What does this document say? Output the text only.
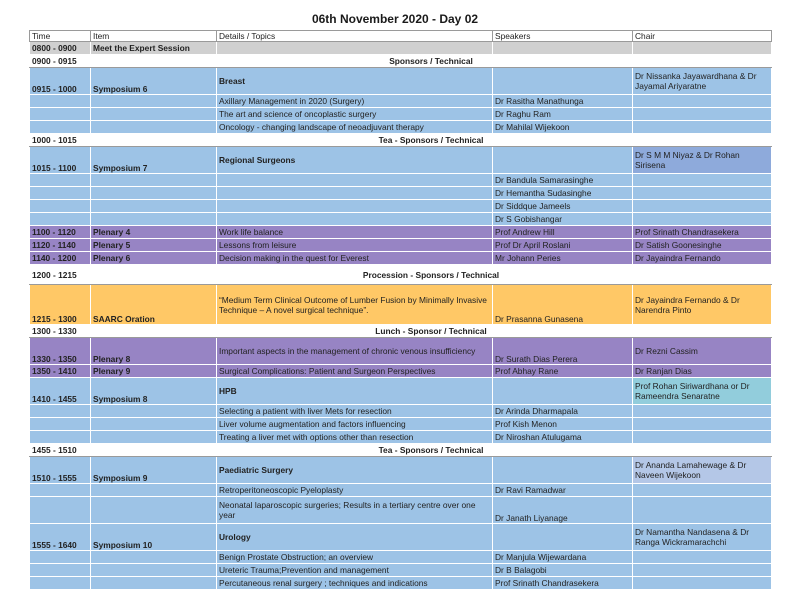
06th November 2020 - Day 02
Time	Item	Details / Topics	Speakers	Chair
0800 - 0900	Meet the Expert Session			
0900 - 0915	Sponsors / Technical			
0915 - 1000	Symposium 6	Breast		Dr Nissanka Jayawardhana & Dr Jayamal Ariyaratne
		Axillary Management in 2020 (Surgery)	Dr Rasitha Manathunga	
		The art and science of oncoplastic surgery	Dr Raghu Ram	
		Oncology - changing landscape of neoadjuvant therapy	Dr Mahilal Wijekoon	
1000 - 1015	Tea - Sponsors / Technical			
1015 - 1100	Symposium 7	Regional Surgeons		Dr S M M Niyaz & Dr Rohan Sirisena
			Dr Bandula Samarasinghe	
			Dr Hemantha Sudasinghe	
			Dr Siddque Jameels	
			Dr S Gobishangar	
1100 - 1120	Plenary 4	Work life balance	Prof Andrew Hill	Prof Srinath Chandrasekera
1120 - 1140	Plenary 5	Lessons from leisure	Prof Dr April Roslani	Dr Satish Goonesinghe
1140 - 1200	Plenary 6	Decision making in the quest for Everest	Mr Johann Peries	Dr Jayaindra Fernando
1200 - 1215	Procession - Sponsors / Technical			
1215 - 1300	SAARC Oration	“Medium Term Clinical Outcome of Lumber Fusion by Minimally Invasive Technique – A novel surgical technique”.	Dr Prasanna Gunasena	Dr Jayaindra Fernando & Dr Narendra Pinto
1300 - 1330	Lunch - Sponsor / Technical			
1330 - 1350	Plenary 8	Important aspects in the management of chronic venous insufficiency	Dr Surath Dias Perera	Dr Rezni Cassim
1350 - 1410	Plenary 9	Surgical Complications: Patient and Surgeon Perspectives	Prof Abhay Rane	Dr Ranjan Dias
1410 - 1455	Symposium 8	HPB		Prof Rohan Siriwardhana or Dr Rameendra Senaratne
		Selecting a patient with liver Mets for resection	Dr Arinda Dharmapala	
		Liver volume augmentation and factors influencing	Prof Kish Menon	
		Treating a liver met with options other than resection	Dr Niroshan Atulugama	
1455 - 1510	Tea - Sponsors / Technical			
1510 - 1555	Symposium 9	Paediatric Surgery		Dr Ananda Lamahewage & Dr Naveen Wijekoon
		Retroperitoneoscopic Pyeloplasty	Dr Ravi Ramadwar	
		Neonatal laparoscopic surgeries; Results in a tertiary centre over one year	Dr Janath Liyanage	
1555 - 1640	Symposium 10	Urology		Dr Namantha Nandasena & Dr Ranga Wickramarachchi
		Benign Prostate Obstruction; an overview	Dr Manjula Wijewardana	
		Ureteric Trauma;Prevention and management	Dr B Balagobi	
		Percutaneous renal surgery ; techniques and indications	Prof Srinath Chandrasekera	
